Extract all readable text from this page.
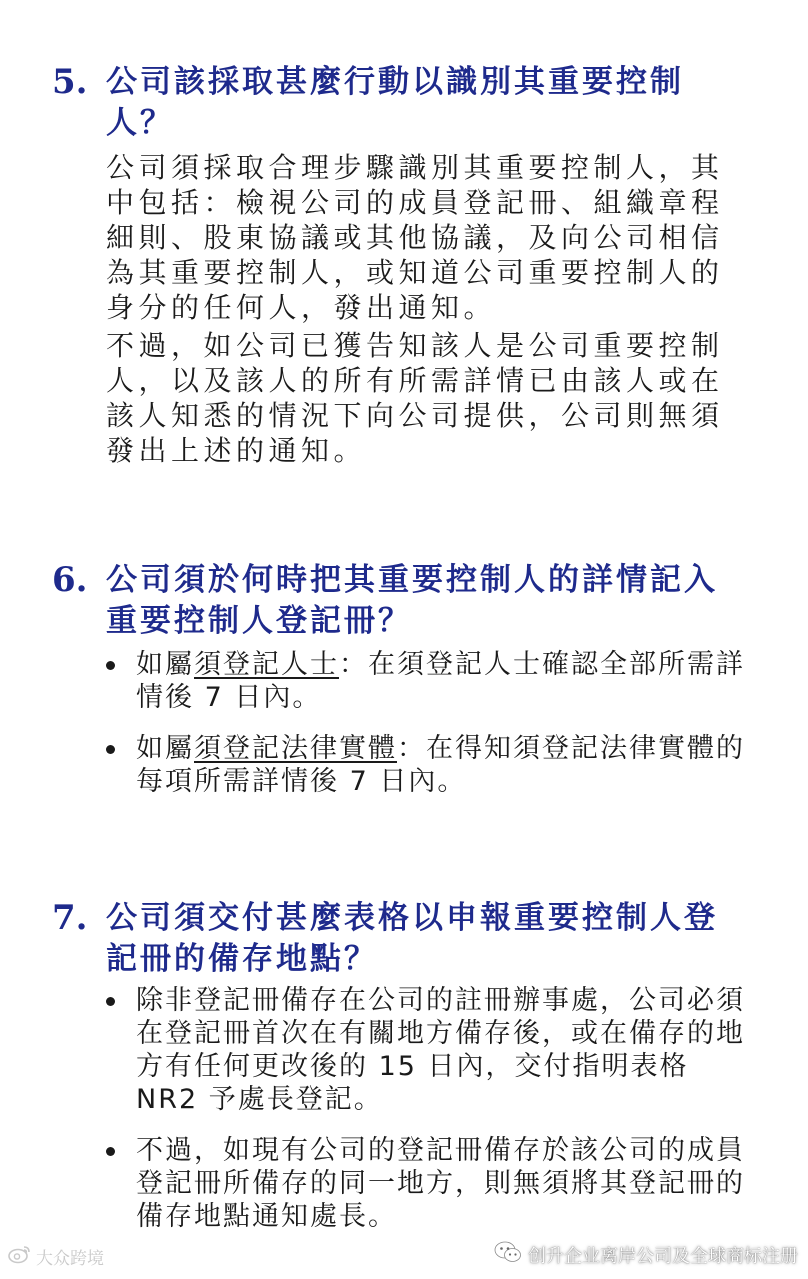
5. 公司該採取甚麼行動以識別其重要控制人？
公司須採取合理步驟識別其重要控制人，其中包括：檢視公司的成員登記冊、組織章程細則、股東協議或其他協議，及向公司相信為其重要控制人，或知道公司重要控制人的身分的任何人，發出通知。
不過，如公司已獲告知該人是公司重要控制人，以及該人的所有所需詳情已由該人或在該人知悉的情況下向公司提供，公司則無須發出上述的通知。
6. 公司須於何時把其重要控制人的詳情記入重要控制人登記冊？
如屬須登記人士：在須登記人士確認全部所需詳情後 7 日內。
如屬須登記法律實體：在得知須登記法律實體的每項所需詳情後 7 日內。
7. 公司須交付甚麼表格以申報重要控制人登記冊的備存地點？
除非登記冊備存在公司的註冊辦事處，公司必須在登記冊首次在有關地方備存後，或在備存的地方有任何更改後的 15 日內，交付指明表格 NR2 予處長登記。
不過，如現有公司的登記冊備存於該公司的成員登記冊所備存的同一地方，則無須將其登記冊的備存地點通知處長。
大众跨境	创升企业离岸公司及全球商标注册
